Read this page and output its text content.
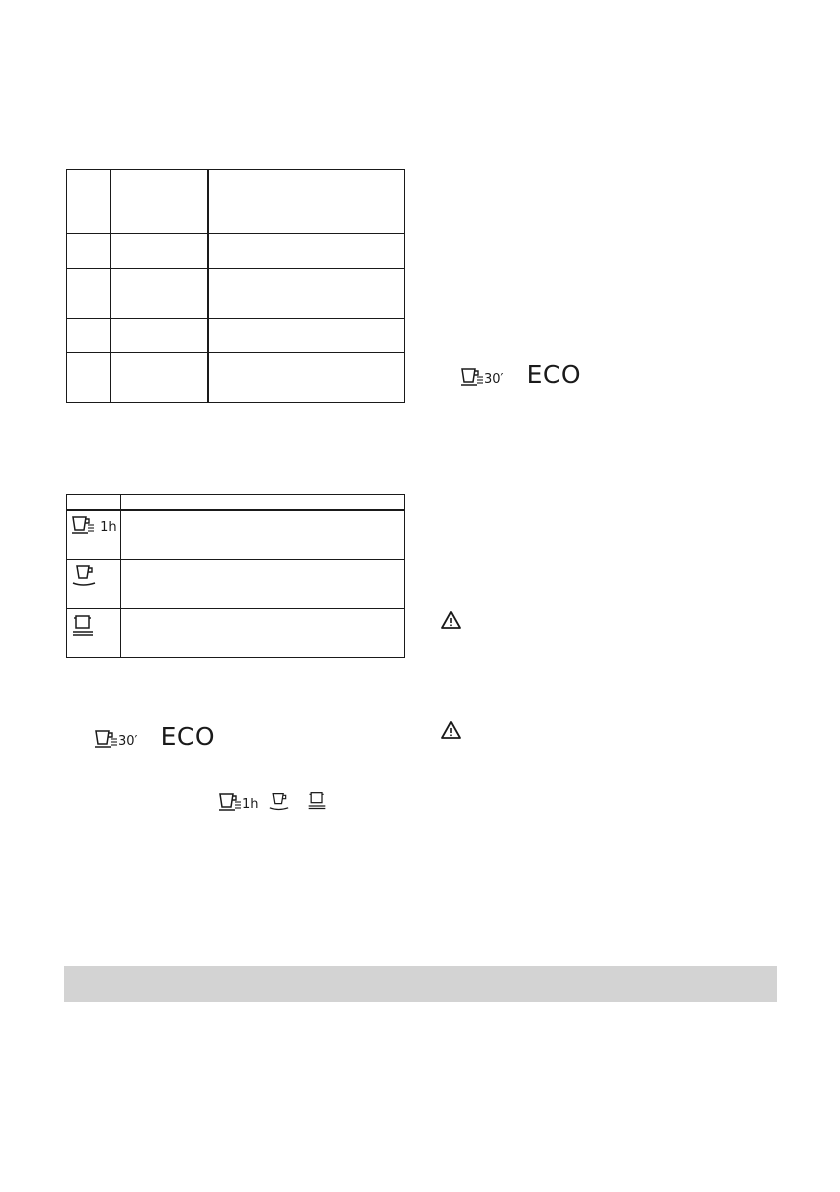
1h	

30′ ECO
1h

30′ ECO
